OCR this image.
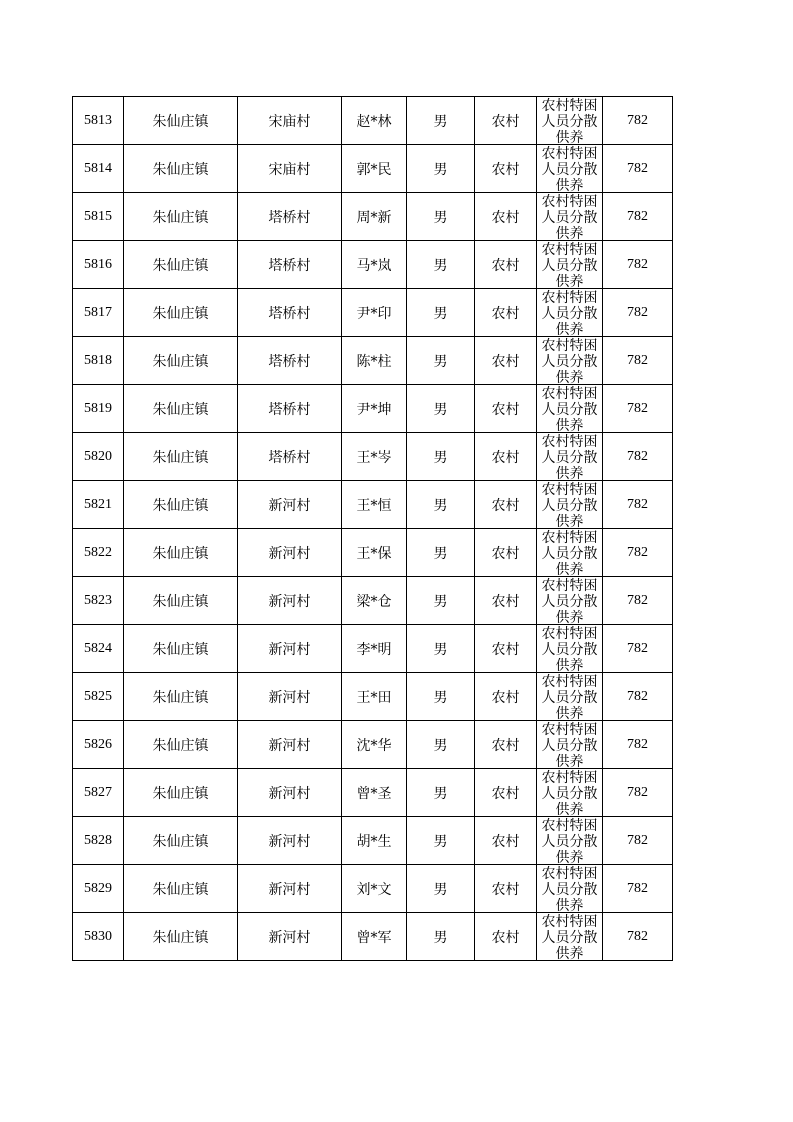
5813	朱仙庄镇	宋庙村	赵*林	男	农村	农村特困人员分散供养	782
5814	朱仙庄镇	宋庙村	郭*民	男	农村	农村特困人员分散供养	782
5815	朱仙庄镇	塔桥村	周*新	男	农村	农村特困人员分散供养	782
5816	朱仙庄镇	塔桥村	马*岚	男	农村	农村特困人员分散供养	782
5817	朱仙庄镇	塔桥村	尹*印	男	农村	农村特困人员分散供养	782
5818	朱仙庄镇	塔桥村	陈*柱	男	农村	农村特困人员分散供养	782
5819	朱仙庄镇	塔桥村	尹*坤	男	农村	农村特困人员分散供养	782
5820	朱仙庄镇	塔桥村	王*岑	男	农村	农村特困人员分散供养	782
5821	朱仙庄镇	新河村	王*恒	男	农村	农村特困人员分散供养	782
5822	朱仙庄镇	新河村	王*保	男	农村	农村特困人员分散供养	782
5823	朱仙庄镇	新河村	梁*仓	男	农村	农村特困人员分散供养	782
5824	朱仙庄镇	新河村	李*明	男	农村	农村特困人员分散供养	782
5825	朱仙庄镇	新河村	王*田	男	农村	农村特困人员分散供养	782
5826	朱仙庄镇	新河村	沈*华	男	农村	农村特困人员分散供养	782
5827	朱仙庄镇	新河村	曾*圣	男	农村	农村特困人员分散供养	782
5828	朱仙庄镇	新河村	胡*生	男	农村	农村特困人员分散供养	782
5829	朱仙庄镇	新河村	刘*文	男	农村	农村特困人员分散供养	782
5830	朱仙庄镇	新河村	曾*军	男	农村	农村特困人员分散供养	782
